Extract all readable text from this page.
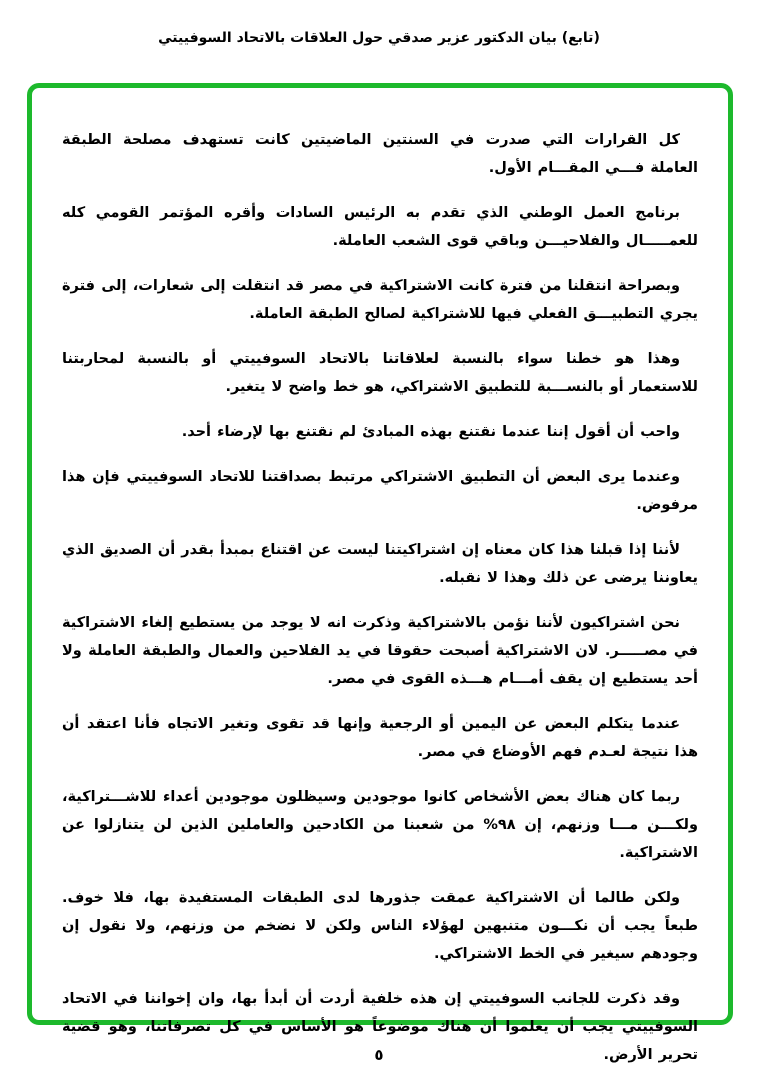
(تابع) بيان الدكتور عزير صدقي حول العلاقات بالاتحاد السوفييتي

كل القرارات التي صدرت في السنتين الماضيتين كانت تستهدف مصلحة الطبقة العاملة فـــي المقـــام الأول.

برنامج العمل الوطني الذي تقدم به الرئيس السادات وأقره المؤتمر القومي كله للعمـــــال والفلاحيـــن وباقي قوى الشعب العاملة.

وبصراحة انتقلنا من فترة كانت الاشتراكية في مصر قد انتقلت إلى شعارات، إلى فترة يجري التطبيـــق الفعلي فيها للاشتراكية لصالح الطبقة العاملة.

وهذا هو خطنا سواء بالنسبة لعلاقاتنا بالاتحاد السوفييتي أو بالنسبة لمحاربتنا للاستعمار أو بالنســـبة للتطبيق الاشتراكي، هو خط واضح لا يتغير.

واحب أن أقول إننا عندما نقتنع بهذه المبادئ لم نقتنع بها لإرضاء أحد.

وعندما يرى البعض أن التطبيق الاشتراكي مرتبط بصداقتنا للاتحاد السوفييتي فإن هذا مرفوض.

لأننا إذا قبلنا هذا كان معناه إن اشتراكيتنا ليست عن اقتناع بمبدأ بقدر أن الصديق الذي يعاوننا يرضى عن ذلك وهذا لا نقبله.

نحن اشتراكيون لأننا نؤمن بالاشتراكية وذكرت انه لا يوجد من يستطيع إلغاء الاشتراكية في مصـــــر. لان الاشتراكية أصبحت حقوقا في يد الفلاحين والعمال والطبقة العاملة ولا أحد يستطيع إن يقف أمـــام هـــذه القوى في مصر.

عندما يتكلم البعض عن اليمين أو الرجعية وإنها قد تقوى وتغير الاتجاه فأنا اعتقد أن هذا نتيجة لعـدم فهم الأوضاع في مصر.

ربما كان هناك بعض الأشخاص كانوا موجودين وسيظلون موجودين أعداء للاشـــتراكية، ولكـــن مـــا وزنهم، إن ٩٨% من شعبنا من الكادحين والعاملين الذين لن يتنازلوا عن الاشتراكية.

ولكن طالما أن الاشتراكية عمقت جذورها لدى الطبقات المستفيدة بها، فلا خوف. طبعاً يجب أن نكـــون متنبهين لهؤلاء الناس ولكن لا نضخم من وزنهم، ولا نقول إن وجودهم سيغير في الخط الاشتراكي.

وقد ذكرت للجانب السوفييتي إن هذه خلفية أردت أن أبدأ بها، وان إخواننا في الاتحاد السوفييتي يجب أن يعلموا أن هناك موضوعاً هو الأساس في كل تصرفاتنا، وهو قضية تحرير الأرض.

٥
